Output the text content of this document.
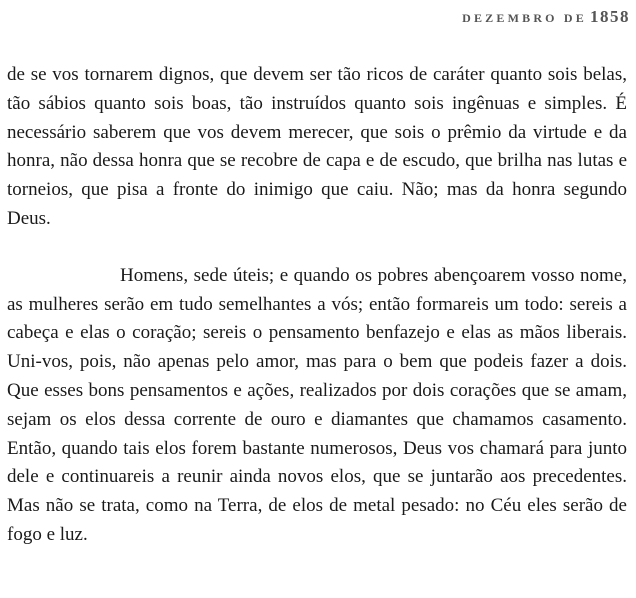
DEZEMBRO DE 1858

de se vos tornarem dignos, que devem ser tão ricos de caráter quanto sois belas, tão sábios quanto sois boas, tão instruídos quanto sois ingênuas e simples. É necessário saberem que vos devem merecer, que sois o prêmio da virtude e da honra, não dessa honra que se recobre de capa e de escudo, que brilha nas lutas e torneios, que pisa a fronte do inimigo que caiu. Não; mas da honra segundo Deus.

Homens, sede úteis; e quando os pobres abençoarem vosso nome, as mulheres serão em tudo semelhantes a vós; então formareis um todo: sereis a cabeça e elas o coração; sereis o pensamento benfazejo e elas as mãos liberais. Uni-vos, pois, não apenas pelo amor, mas para o bem que podeis fazer a dois. Que esses bons pensamentos e ações, realizados por dois corações que se amam, sejam os elos dessa corrente de ouro e diamantes que chamamos casamento. Então, quando tais elos forem bastante numerosos, Deus vos chamará para junto dele e continuareis a reunir ainda novos elos, que se juntarão aos precedentes. Mas não se trata, como na Terra, de elos de metal pesado: no Céu eles serão de fogo e luz.
